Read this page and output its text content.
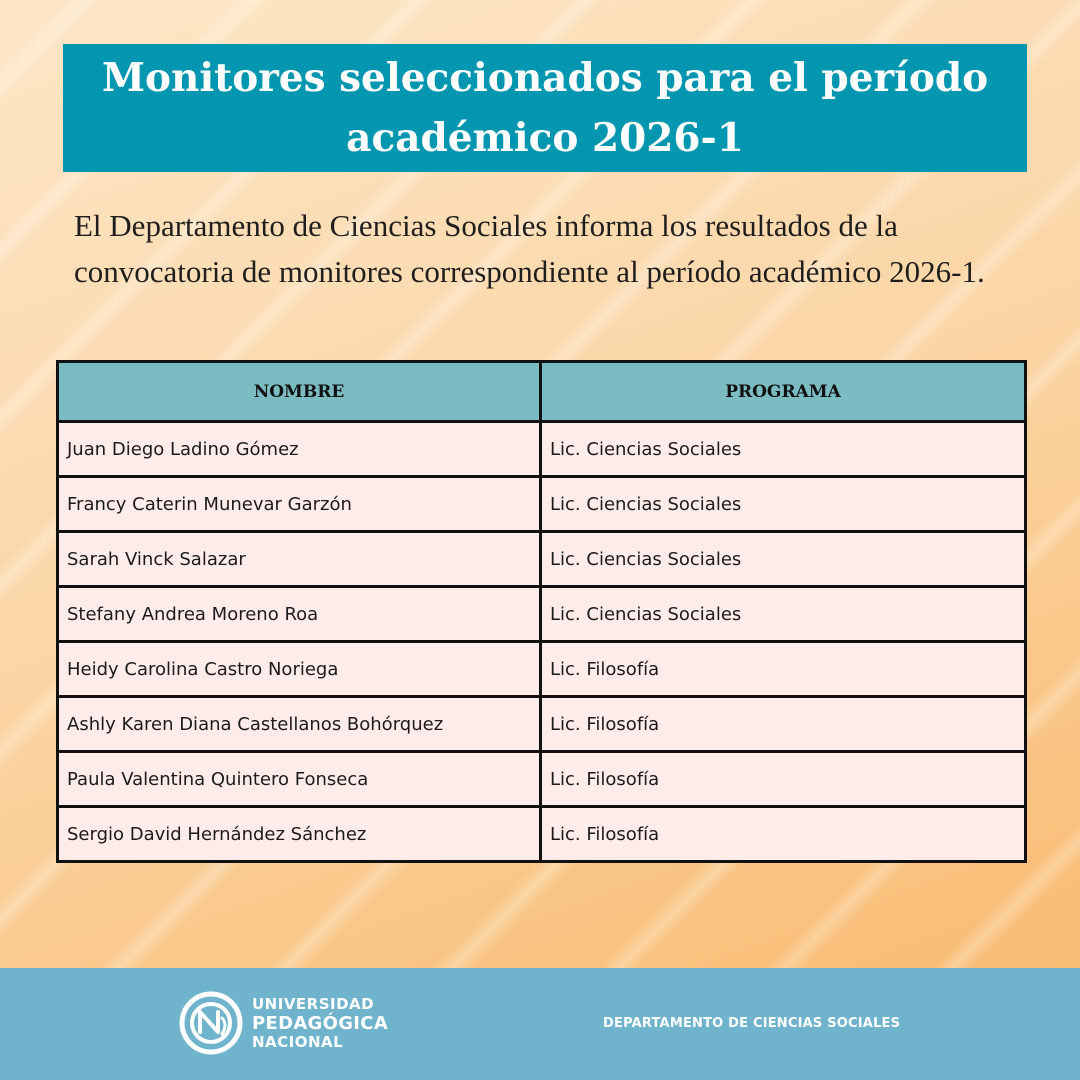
Monitores seleccionados para el período académico 2026-1

El Departamento de Ciencias Sociales informa los resultados de la convocatoria de monitores correspondiente al período académico 2026-1.

NOMBRE	PROGRAMA
Juan Diego Ladino Gómez	Lic. Ciencias Sociales
Francy Caterin Munevar Garzón	Lic. Ciencias Sociales
Sarah Vinck Salazar	Lic. Ciencias Sociales
Stefany Andrea Moreno Roa	Lic. Ciencias Sociales
Heidy Carolina Castro Noriega	Lic. Filosofía
Ashly Karen Diana Castellanos Bohórquez	Lic. Filosofía
Paula Valentina Quintero Fonseca	Lic. Filosofía
Sergio David Hernández Sánchez	Lic. Filosofía
UNIVERSIDAD
PEDAGÓGICA
NACIONAL
DEPARTAMENTO DE CIENCIAS SOCIALES
